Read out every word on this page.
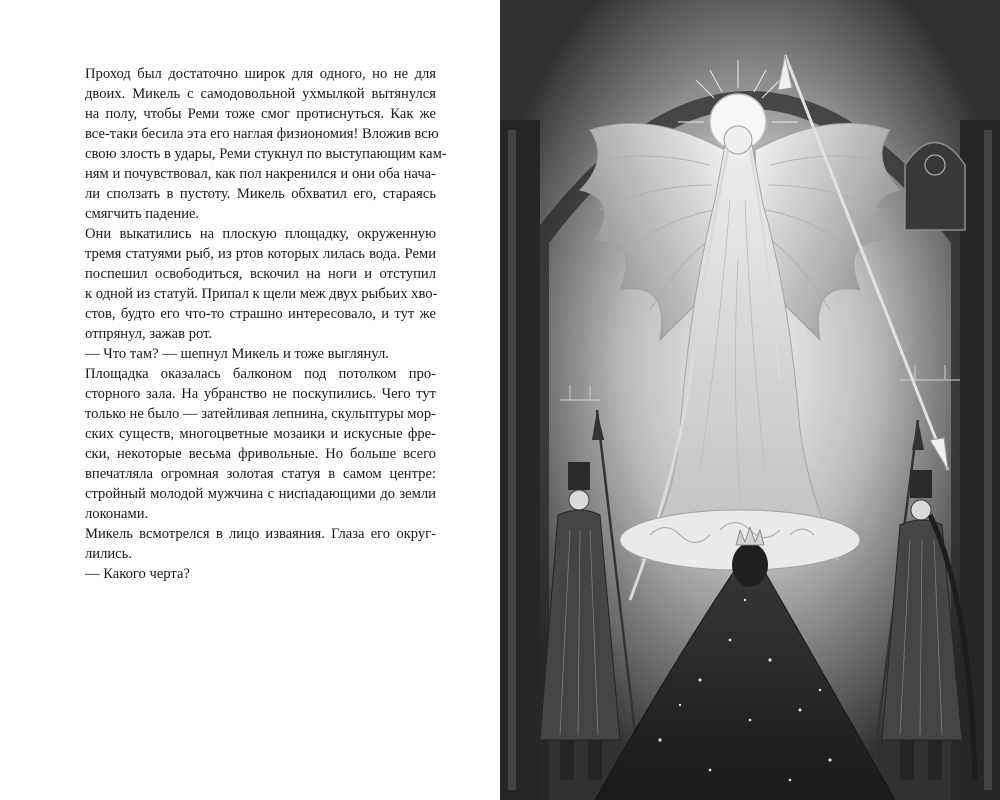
Проход был достаточно широк для одного, но не для
двоих. Микель с самодовольной ухмылкой вытянулся
на полу, чтобы Реми тоже смог протиснуться. Как же
все-таки бесила эта его наглая физиономия! Вложив всю
свою злость в удары, Реми стукнул по выступающим кам-
ням и почувствовал, как пол накренился и они оба нача-
ли сползать в пустоту. Микель обхватил его, стараясь
смягчить падение.

Они выкатились на плоскую площадку, окруженную
тремя статуями рыб, из ртов которых лилась вода. Реми
поспешил освободиться, вскочил на ноги и отступил
к одной из статуй. Припал к щели меж двух рыбьих хво-
стов, будто его что-то страшно интересовало, и тут же
отпрянул, зажав рот.

— Что там? — шепнул Микель и тоже выглянул.

Площадка оказалась балконом под потолком про-
сторного зала. На убранство не поскупились. Чего тут
только не было — затейливая лепнина, скульптуры мор-
ских существ, многоцветные мозаики и искусные фре-
ски, некоторые весьма фривольные. Но больше всего
впечатляла огромная золотая статуя в самом центре:
стройный молодой мужчина с ниспадающими до земли
локонами.

Микель всмотрелся в лицо изваяния. Глаза его округ-
лились.

— Какого черта?
